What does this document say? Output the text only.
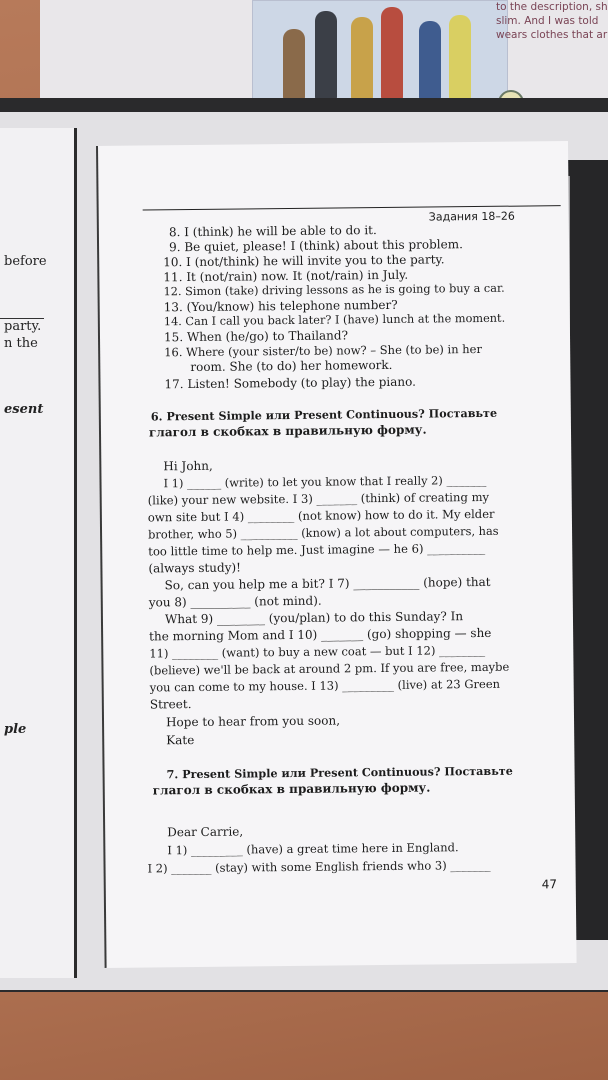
to the description, sh
slim. And I was told
wears clothes that ar
before
party.
n the
esent
ple
Задания 18–26
8. I (think) he will be able to do it.
9. Be quiet, please! I (think) about this problem.
10. I (not/think) he will invite you to the party.
11. It (not/rain) now. It (not/rain) in July.
12. Simon (take) driving lessons as he is going to buy a car.
13. (You/know) his telephone number?
14. Can I call you back later? I (have) lunch at the moment.
15. When (he/go) to Thailand?
16. Where (your sister/to be) now? – She (to be) in her
room. She (to do) her homework.
17. Listen! Somebody (to play) the piano.
6. Present Simple или Present Continuous? Поставьте
глагол в скобках в правильную форму.
Hi John,
I 1) ______ (write) to let you know that I really 2) _______
(like) your new website. I 3) _______ (think) of creating my
own site but I 4) ________ (not know) how to do it. My elder
brother, who 5) __________ (know) a lot about computers, has
too little time to help me. Just imagine — he 6) __________
(always study)!
So, can you help me a bit? I 7) ___________ (hope) that
you 8) __________ (not mind).
What 9) ________ (you/plan) to do this Sunday? In
the morning Mom and I 10) _______ (go) shopping — she
11) ________ (want) to buy a new coat — but I 12) ________
(believe) we'll be back at around 2 pm. If you are free, maybe
you can come to my house. I 13) _________ (live) at 23 Green
Street.
Hope to hear from you soon,
Kate
7. Present Simple или Present Continuous? Поставьте
глагол в скобках в правильную форму.
Dear Carrie,
I 1) _________ (have) a great time here in England.
I 2) _______ (stay) with some English friends who 3) _______
47
